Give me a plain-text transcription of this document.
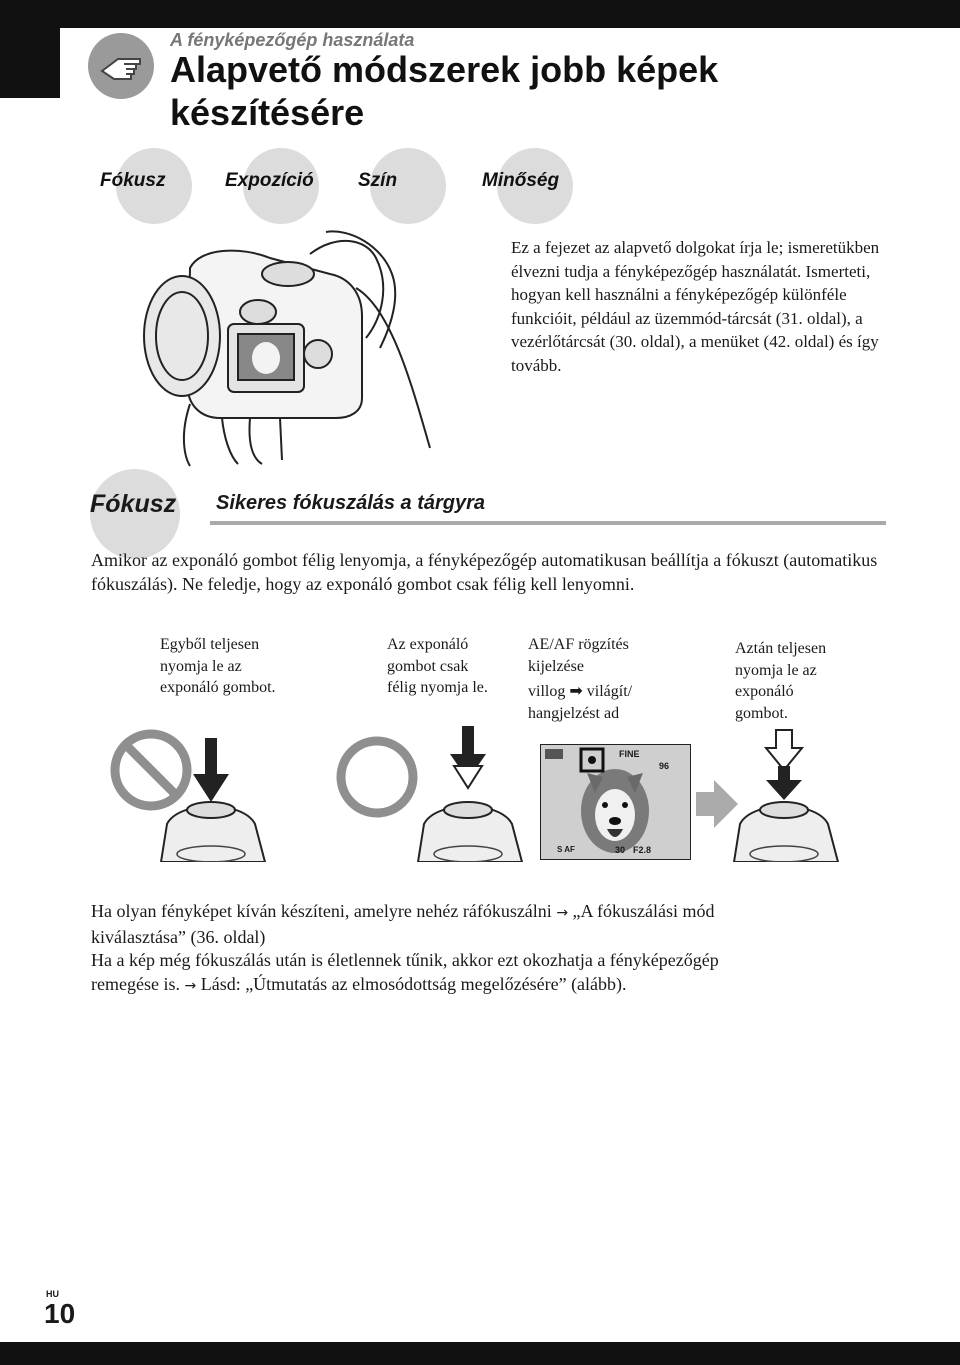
A fényképezőgép használata
Alapvető módszerek jobb képek készítésére
Fókusz	Expozíció Szín	Minőség
Ez a fejezet az alapvető dolgokat írja le; ismeretükben élvezni tudja a fényképezőgép használatát. Ismerteti, hogyan kell használni a fényképezőgép különféle funkcióit, például az üzemmód-tárcsát (31. oldal), a vezérlőtárcsát (30. oldal), a menüket (42. oldal) és így tovább.
Fókusz Sikeres fókuszálás a tárgyra
Amikor az exponáló gombot félig lenyomja, a fényképezőgép automatikusan beállítja a fókuszt (automatikus fókuszálás). Ne feledje, hogy az exponáló gombot csak félig kell lenyomni.
Egyből teljesen
nyomja le az
exponáló gombot.
Az exponáló
gombot csak
félig nyomja le.
AE/AF rögzítés
kijelzése
villog ➡ világít/
hangjelzést ad
Aztán teljesen
nyomja le az
exponáló
gombot.
FINE
96
S AF	30 F2.8
Ha olyan fényképet kíván készíteni, amelyre nehéz ráfókuszálni → „A fókuszálási mód
kiválasztása” (36. oldal)
Ha a kép még fókuszálás után is életlennek tűnik, akkor ezt okozhatja a fényképezőgép
remegése is. → Lásd: „Útmutatás az elmosódottság megelőzésére” (alább).
HU
10
